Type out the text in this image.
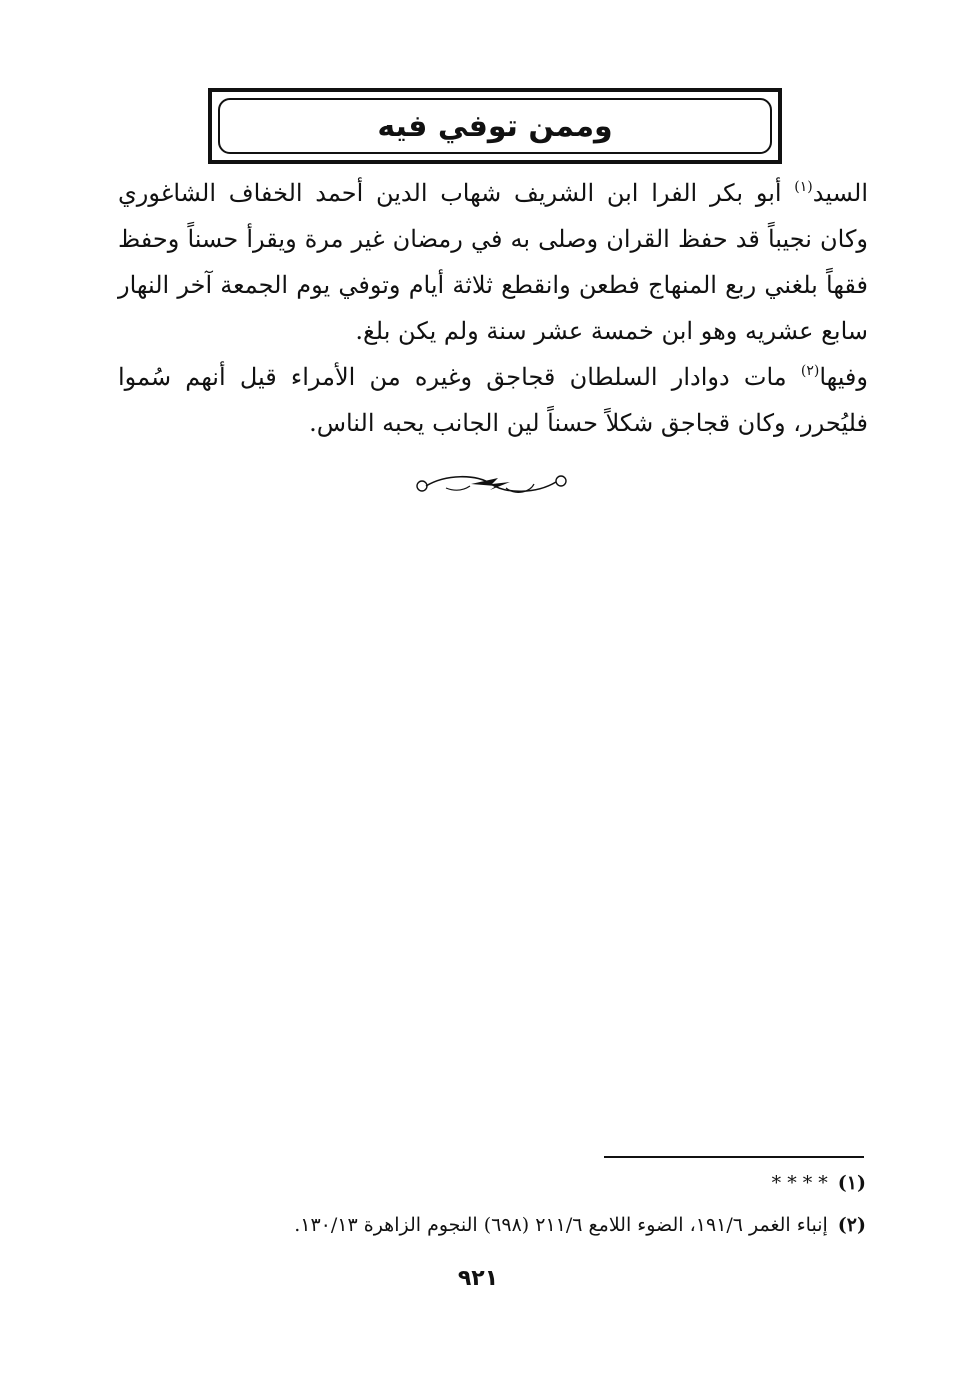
وممن توفي فيه
السيد$^{(١)}$ أبو بكر الفرا ابن الشريف شهاب الدين أحمد الخفاف الشاغوري وكان نجيباً قد حفظ القران وصلى به في رمضان غير مرة ويقرأ حسناً وحفظ فقهاً بلغني ربع المنهاج فطعن وانقطع ثلاثة أيام وتوفي يوم الجمعة آخر النهار سابع عشريه وهو ابن خمسة عشر سنة ولم يكن بلغ.
وفيها$^{(٢)}$ مات دوادار السلطان قجاجق وغيره من الأمراء قيل أنهم سُموا فليُحرر، وكان قجاجق شكلاً حسناً لين الجانب يحبه الناس.
(١)* * * *
(٢)إنباء الغمر ١٩١/٦، الضوء اللامع ٢١١/٦ (٦٩٨) النجوم الزاهرة ١٣٠/١٣.
٩٢١
